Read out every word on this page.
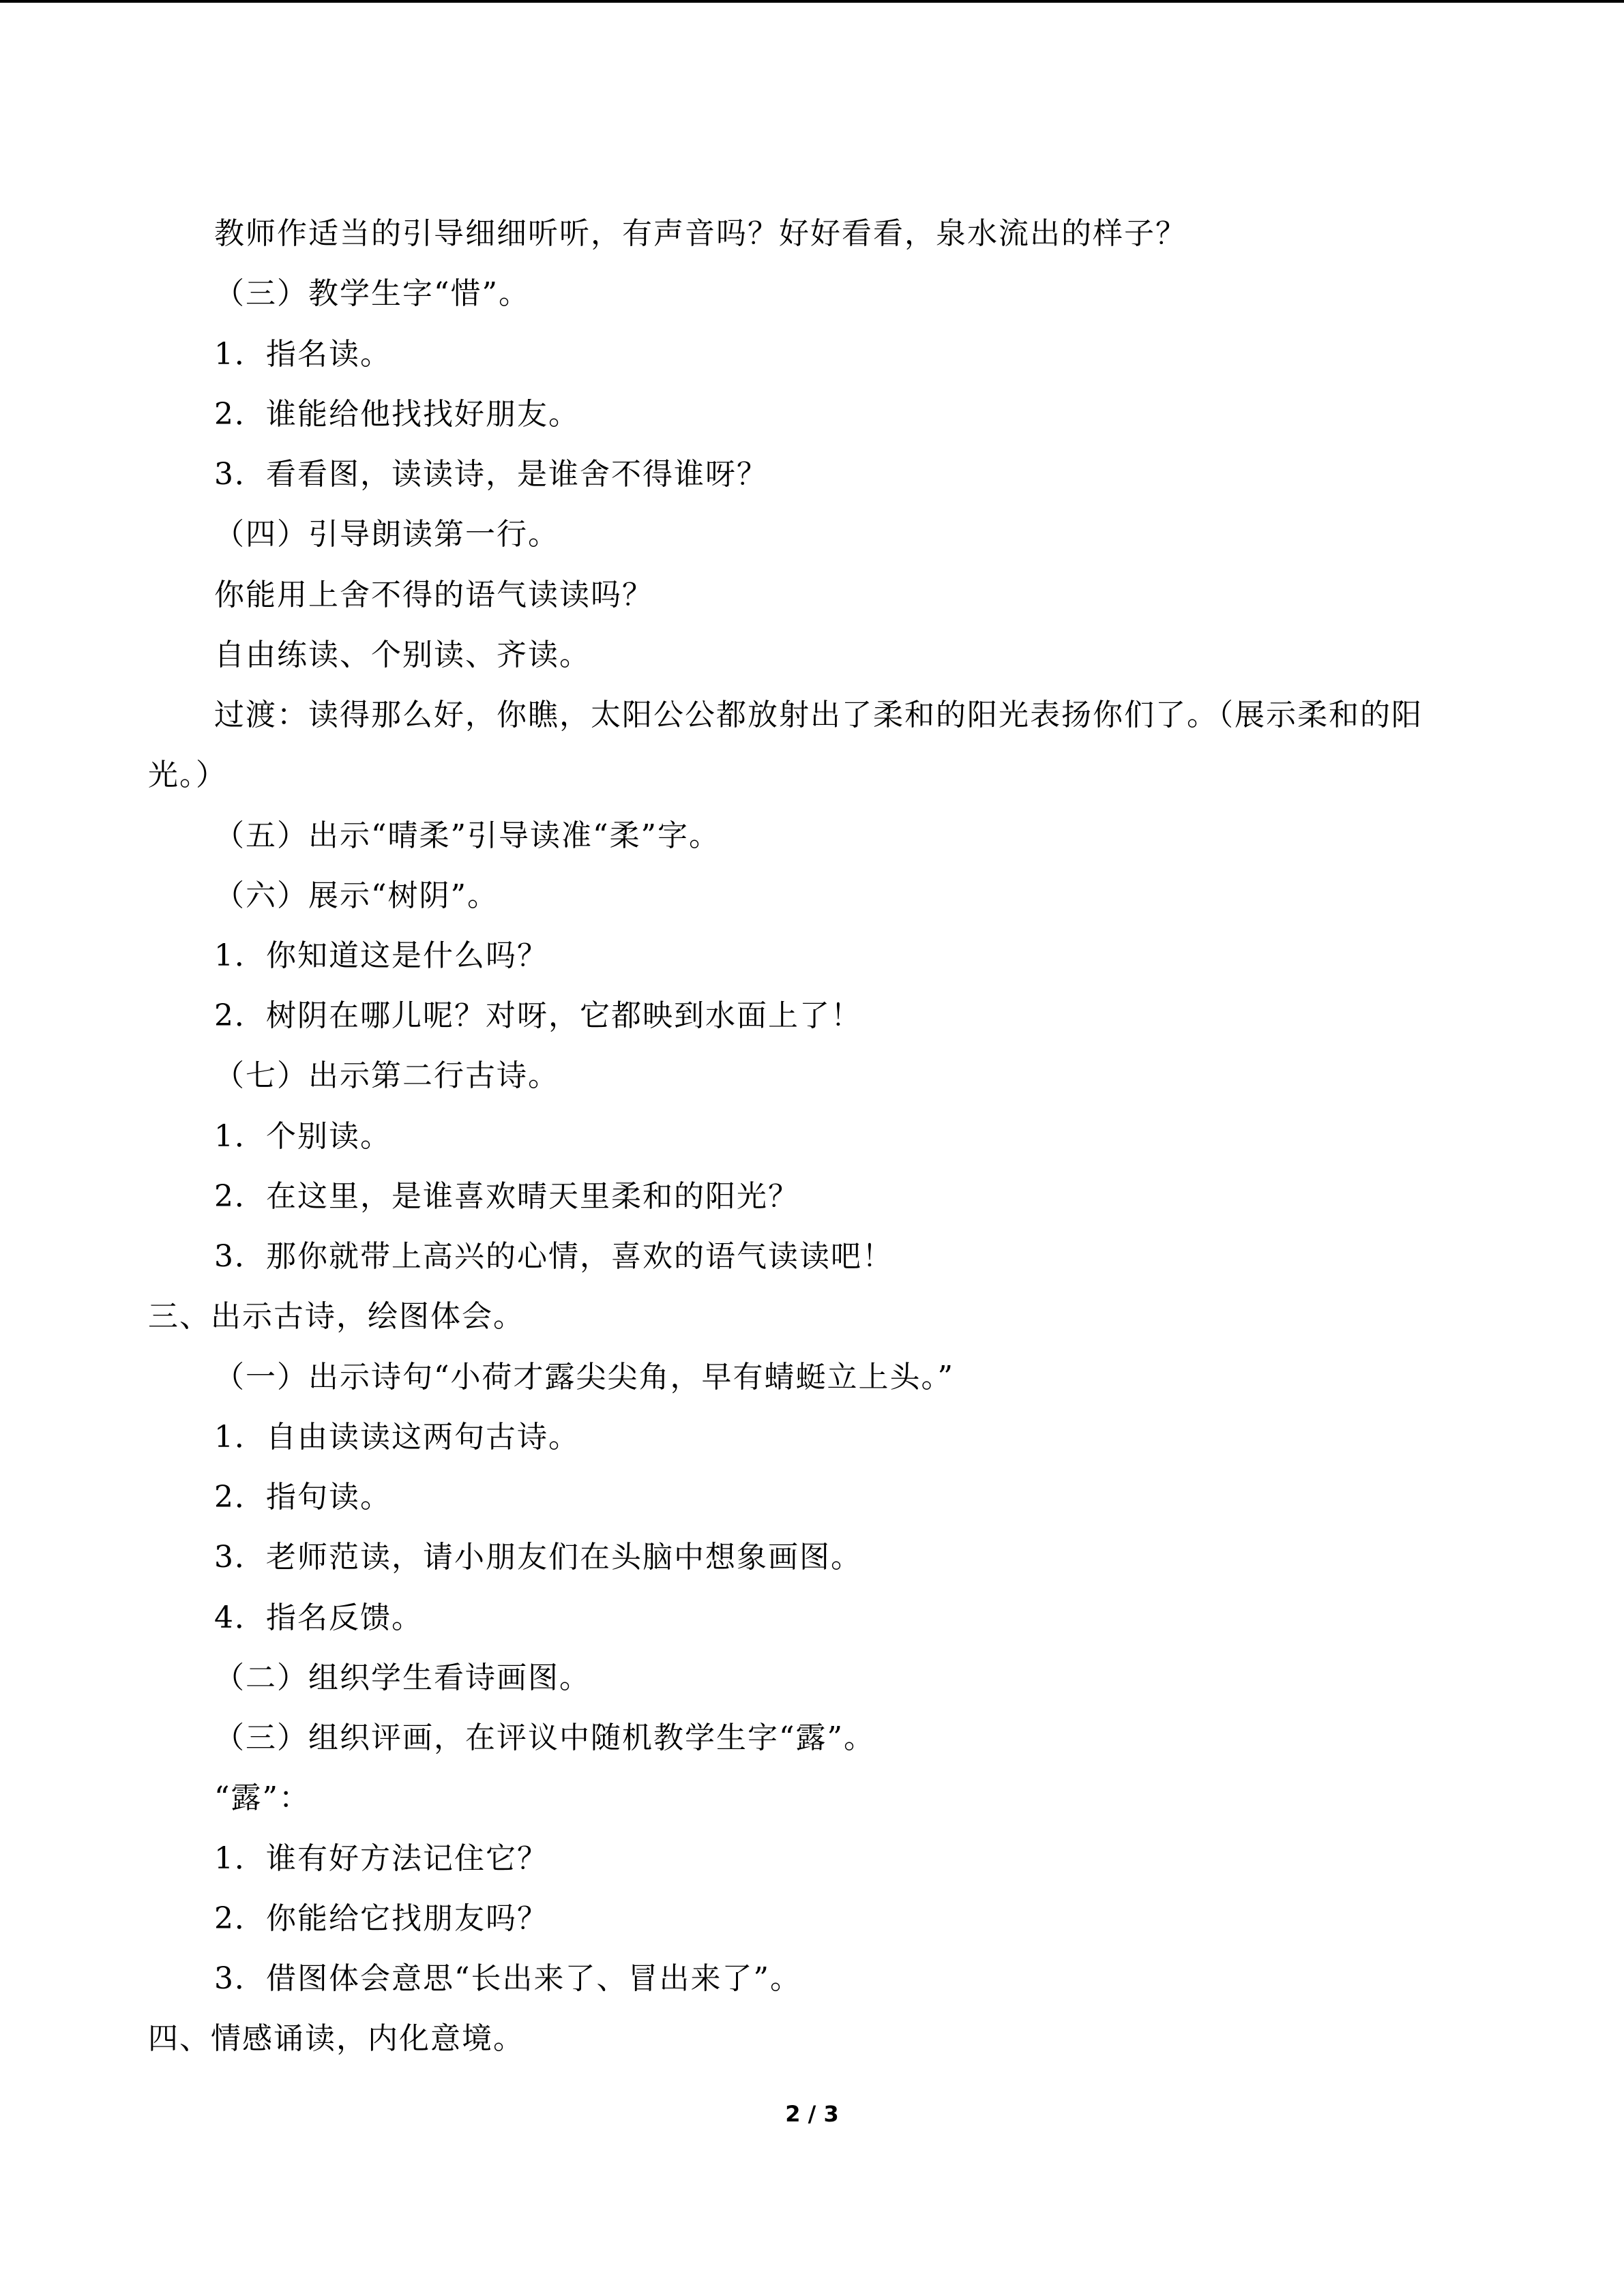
教师作适当的引导细细听听，有声音吗？好好看看，泉水流出的样子？
（三）教学生字“惜”。
1．指名读。
2．谁能给他找找好朋友。
3．看看图，读读诗，是谁舍不得谁呀？
（四）引导朗读第一行。
你能用上舍不得的语气读读吗？
自由练读、个别读、齐读。
过渡：读得那么好，你瞧，太阳公公都放射出了柔和的阳光表扬你们了。（展示柔和的阳
光。）
（五）出示“晴柔”引导读准“柔”字。
（六）展示“树阴”。
1．你知道这是什么吗？
2．树阴在哪儿呢？对呀，它都映到水面上了！
（七）出示第二行古诗。
1．个别读。
2．在这里，是谁喜欢晴天里柔和的阳光？
3．那你就带上高兴的心情，喜欢的语气读读吧！
三、出示古诗，绘图体会。
（一）出示诗句“小荷才露尖尖角，早有蜻蜓立上头。”
1．自由读读这两句古诗。
2．指句读。
3．老师范读，请小朋友们在头脑中想象画图。
4．指名反馈。
（二）组织学生看诗画图。
（三）组织评画，在评议中随机教学生字“露”。
“露”：
1．谁有好方法记住它？
2．你能给它找朋友吗？
3．借图体会意思“长出来了、冒出来了”。
四、情感诵读，内化意境。
2 / 3
